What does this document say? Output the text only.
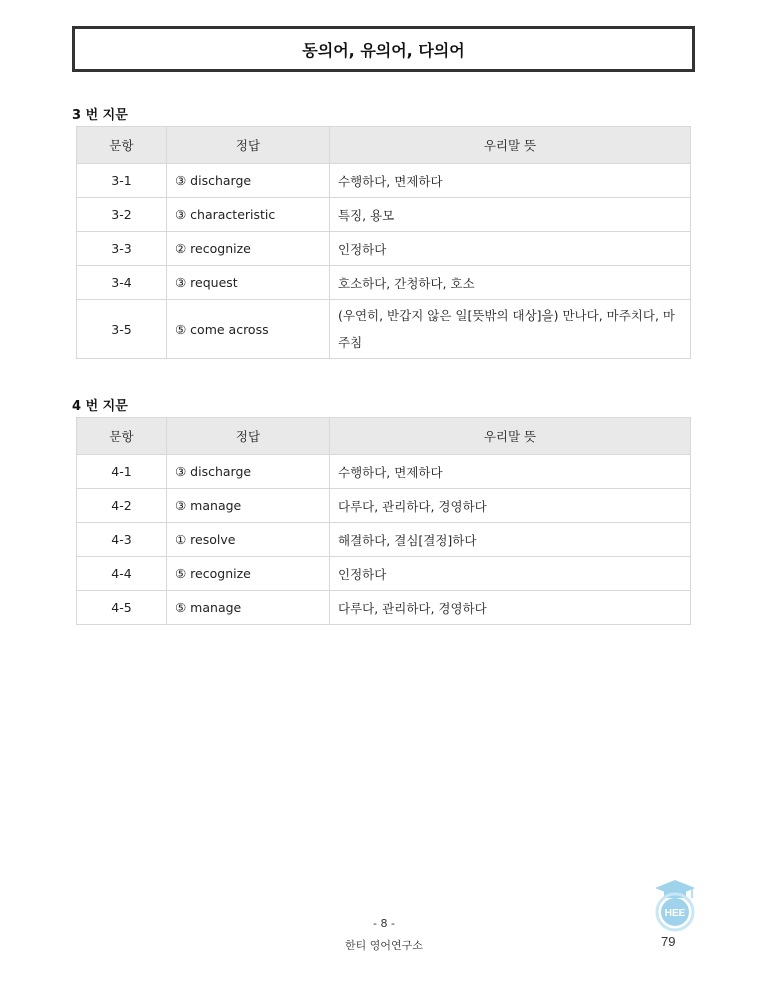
동의어, 유의어, 다의어
3 번 지문
문항	정답	우리말 뜻
3-1	③ discharge	수행하다, 면제하다
3-2	③ characteristic	특징, 용모
3-3	② recognize	인정하다
3-4	③ request	호소하다, 간청하다, 호소
3-5	⑤ come across	(우연히, 반갑지 않은 일[뜻밖의 대상]을) 만나다, 마주치다, 마주침
4 번 지문
문항	정답	우리말 뜻
4-1	③ discharge	수행하다, 면제하다
4-2	③ manage	다루다, 관리하다, 경영하다
4-3	① resolve	해결하다, 결심[결정]하다
4-4	⑤ recognize	인정하다
4-5	⑤ manage	다루다, 관리하다, 경영하다
- 8 -
한티 영어연구소	79
HEE
